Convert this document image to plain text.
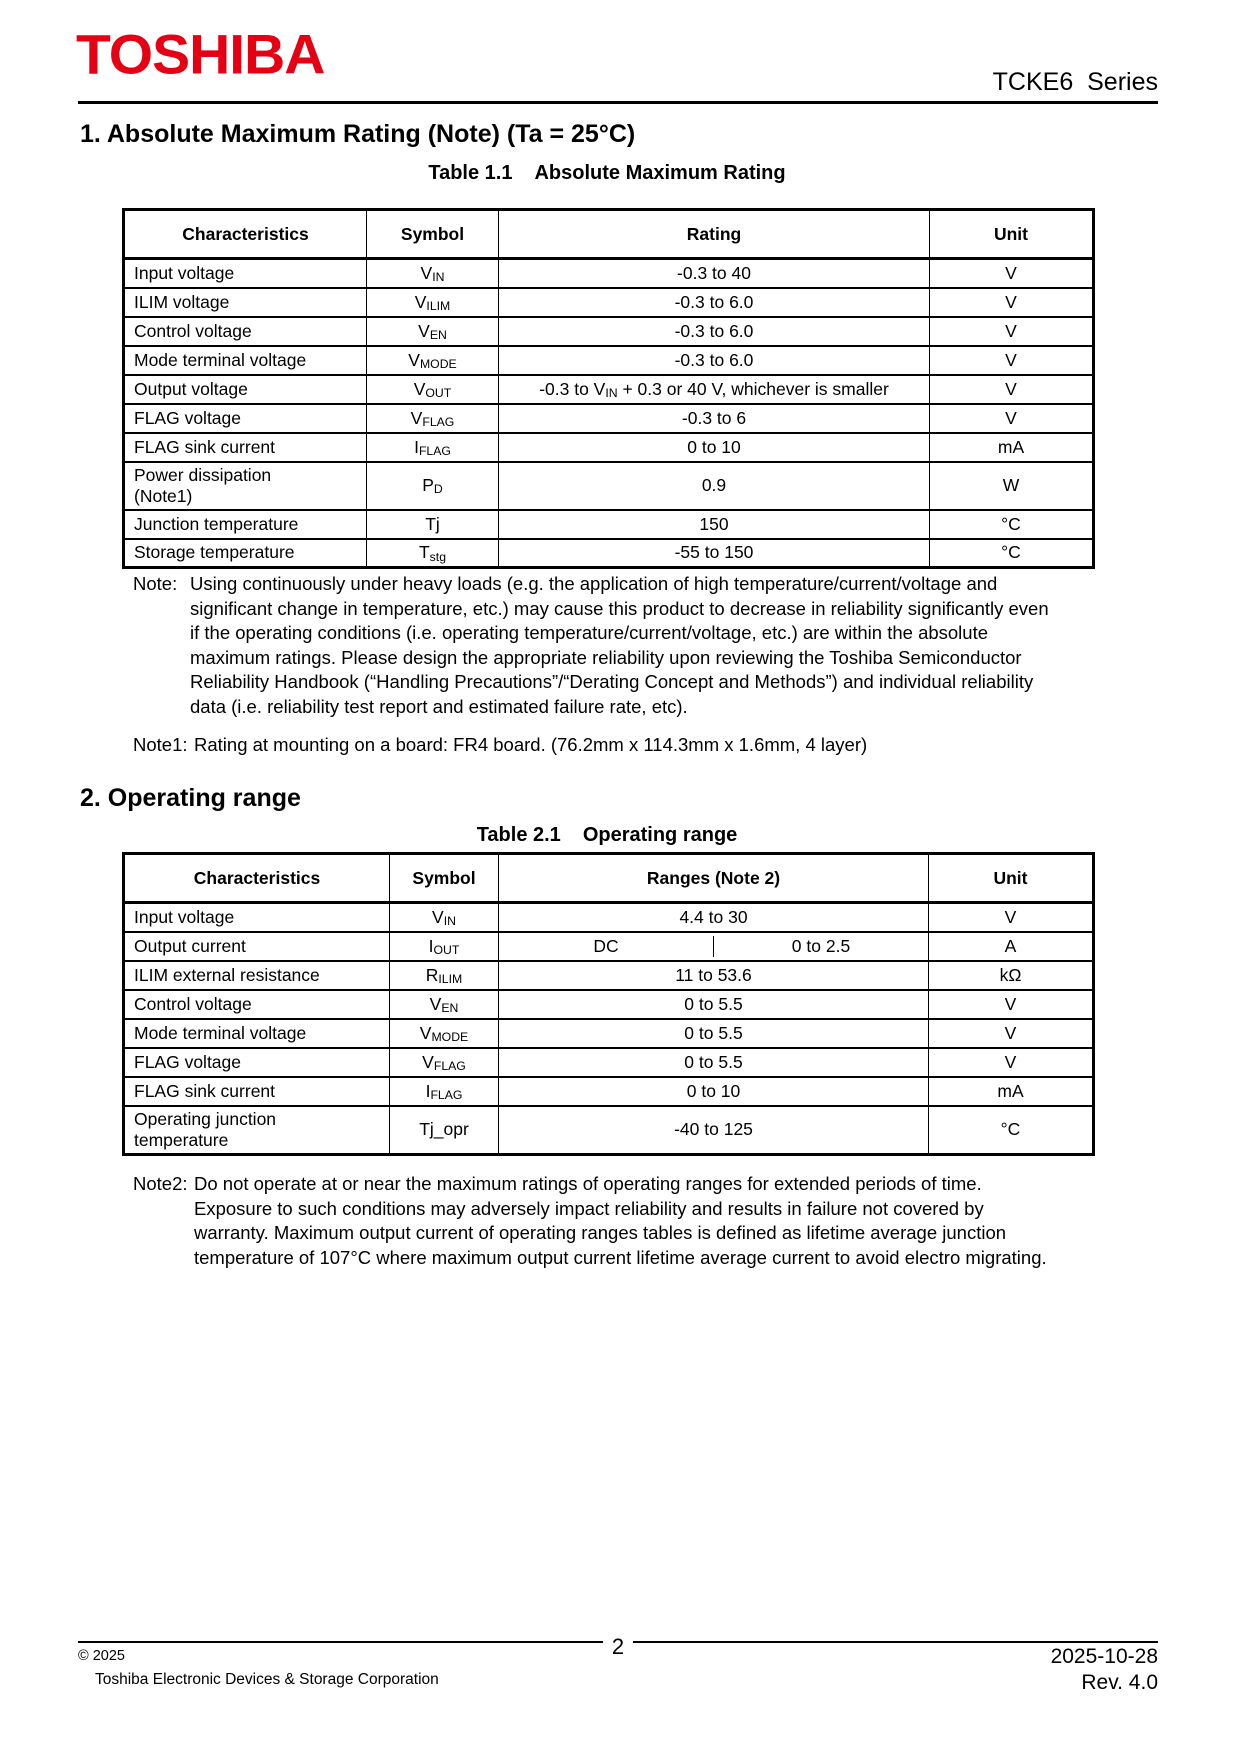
TOSHIBA	TCKE6  Series
1. Absolute Maximum Rating (Note) (Ta = 25°C)
Table 1.1 Absolute Maximum Rating
Characteristics	Symbol	Rating	Unit
Input voltage	$V_{IN}$	-0.3 to 40	V
ILIM voltage	$V_{ILIM}$	-0.3 to 6.0	V
Control voltage	$V_{EN}$	-0.3 to 6.0	V
Mode terminal voltage	$V_{MODE}$	-0.3 to 6.0	V
Output voltage	$V_{OUT}$	-0.3 to $V_{IN} + 0.3$ or 40 V, whichever is smaller	V
FLAG voltage	$V_{FLAG}$	-0.3 to 6	V
FLAG sink current	$I_{FLAG}$	0 to 10	mA
Power dissipation
(Note1)	$P_D$	0.9	W
Junction temperature	Tj	150	°C
Storage temperature	$T_{stg}$	-55 to 150	°C
Note: Using continuously under heavy loads (e.g. the application of high temperature/current/voltage and significant change in temperature, etc.) may cause this product to decrease in reliability significantly even if the operating conditions (i.e. operating temperature/current/voltage, etc.) are within the absolute maximum ratings. Please design the appropriate reliability upon reviewing the Toshiba Semiconductor Reliability Handbook (“Handling Precautions”/“Derating Concept and Methods”) and individual reliability data (i.e. reliability test report and estimated failure rate, etc).
Note1: Rating at mounting on a board: FR4 board. (76.2mm x 114.3mm x 1.6mm, 4 layer)
2. Operating range
Table 2.1 Operating range
Characteristics	Symbol	Ranges (Note 2)	Unit
Input voltage	$V_{IN}$	4.4 to 30	V
Output current	$I_{OUT}$	DC 0 to 2.5	A
ILIM external resistance	$R_{ILIM}$	11 to 53.6	kΩ
Control voltage	$V_{EN}$	0 to 5.5	V
Mode terminal voltage	$V_{MODE}$	0 to 5.5	V
FLAG voltage	$V_{FLAG}$	0 to 5.5	V
FLAG sink current	$I_{FLAG}$	0 to 10	mA
Operating junction
temperature	Tj_opr	-40 to 125	°C
Note2: Do not operate at or near the maximum ratings of operating ranges for extended periods of time. Exposure to such conditions may adversely impact reliability and results in failure not covered by warranty. Maximum output current of operating ranges tables is defined as lifetime average junction temperature of 107°C where maximum output current lifetime average current to avoid electro migrating.
© 2025
Toshiba Electronic Devices & Storage Corporation
2	2025-10-28
Rev. 4.0
